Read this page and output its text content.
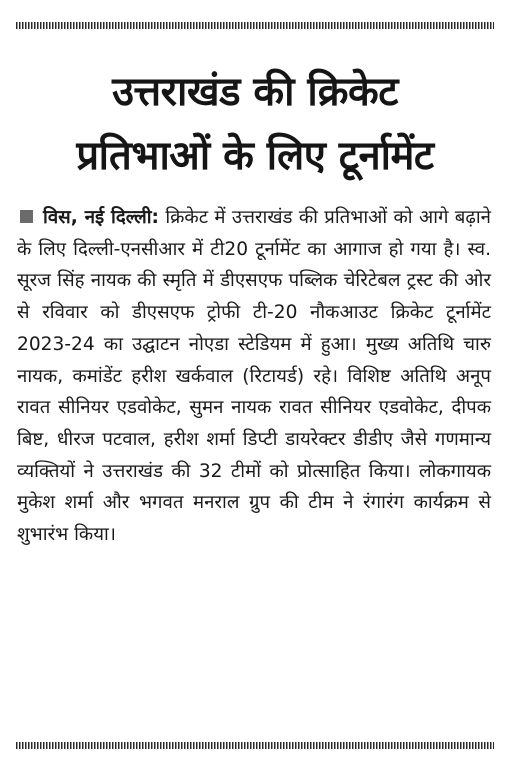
उत्तराखंड की क्रिकेट
प्रतिभाओं के लिए टूर्नामेंट

विस, नई दिल्ली: क्रिकेट में उत्तराखंड की प्रतिभाओं को आगे बढ़ाने के लिए दिल्ली-एनसीआर में टी20 टूर्नामेंट का आगाज हो गया है। स्व. सूरज सिंह नायक की स्मृति में डीएसएफ पब्लिक चेरिटेबल ट्रस्ट की ओर से रविवार को डीएसएफ ट्रोफी टी-20 नौकआउट क्रिकेट टूर्नामेंट 2023-24 का उद्घाटन नोएडा स्टेडियम में हुआ। मुख्य अतिथि चारु नायक, कमांडेंट हरीश खर्कवाल (रिटायर्ड) रहे। विशिष्ट अतिथि अनूप रावत सीनियर एडवोकेट, सुमन नायक रावत सीनियर एडवोकेट, दीपक बिष्ट, धीरज पटवाल, हरीश शर्मा डिप्टी डायरेक्टर डीडीए जैसे गणमान्य व्यक्तियों ने उत्तराखंड की 32 टीमों को प्रोत्साहित किया। लोकगायक मुकेश शर्मा और भगवत मनराल ग्रुप की टीम ने रंगारंग कार्यक्रम से शुभारंभ किया।
